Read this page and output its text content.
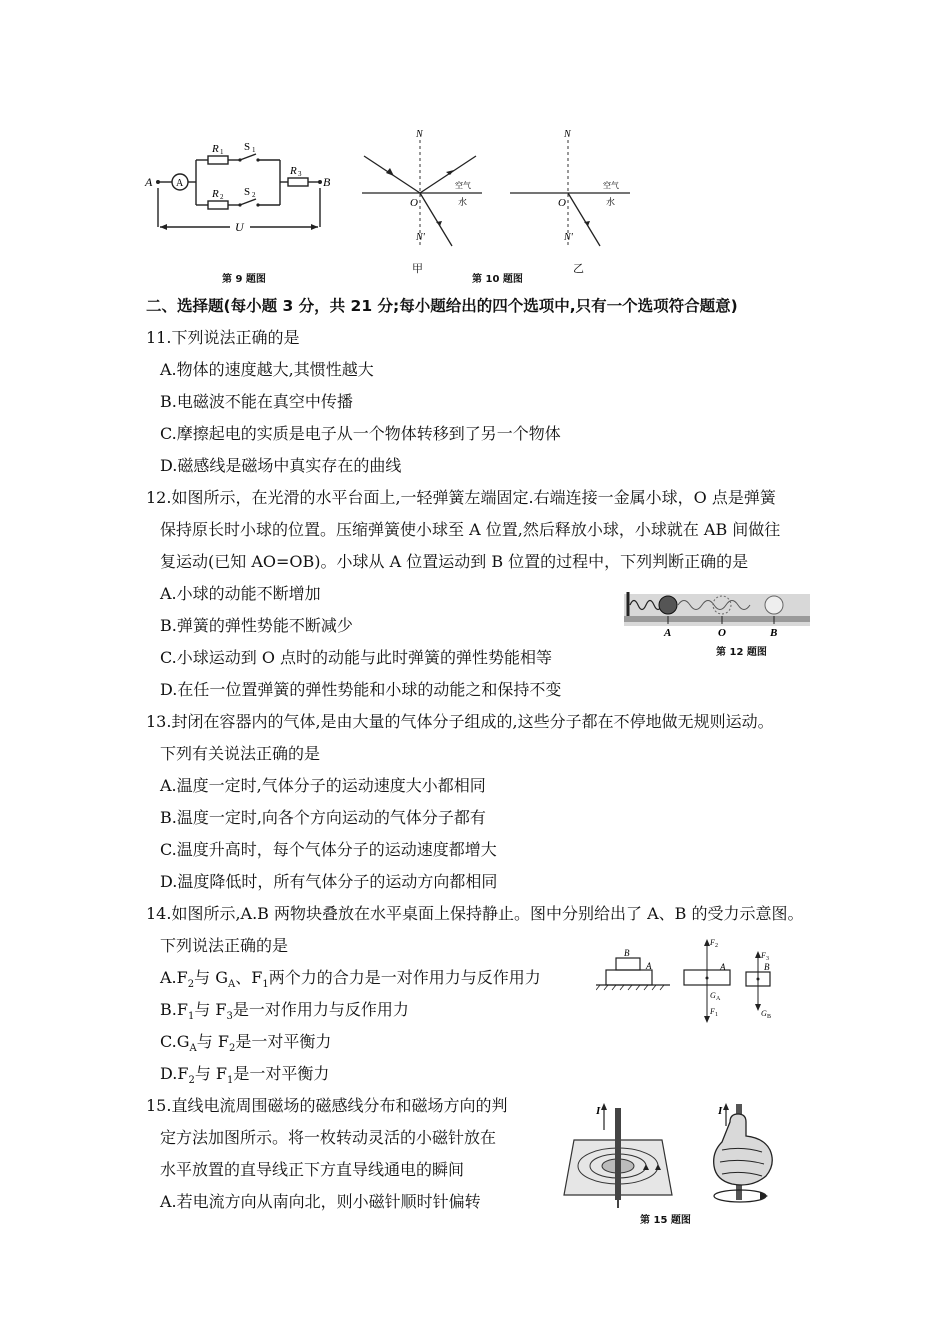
A A
R 1 S 1
R 2 S 2
R 3
B
U
第 9 题图
N
O
N'
空气
水
甲
第 10 题图
N
O
N'
空气
水
乙
二、选择题(每小题 3 分，共 21 分;每小题给出的四个选项中,只有一个选项符合题意)
11.下列说法正确的是
A.物体的速度越大,其惯性越大
B.电磁波不能在真空中传播
C.摩擦起电的实质是电子从一个物体转移到了另一个物体
D.磁感线是磁场中真实存在的曲线
12.如图所示，在光滑的水平台面上,一轻弹簧左端固定.右端连接一金属小球，O 点是弹簧
保持原长时小球的位置。压缩弹簧使小球至 A 位置,然后释放小球，小球就在 AB 间做往
复运动(已知 AO=OB)。小球从 A 位置运动到 B 位置的过程中，下列判断正确的是
A.小球的动能不断增加
B.弹簧的弹性势能不断减少
C.小球运动到 O 点时的动能与此时弹簧的弹性势能相等
D.在任一位置弹簧的弹性势能和小球的动能之和保持不变
A	O	B
第 12 题图
13.封闭在容器内的气体,是由大量的气体分子组成的,这些分子都在不停地做无规则运动。
下列有关说法正确的是
A.温度一定时,气体分子的运动速度大小都相同
B.温度一定时,向各个方向运动的气体分子都有
C.温度升高时，每个气体分子的运动速度都增大
D.温度降低时，所有气体分子的运动方向都相同
14.如图所示,A.B 两物块叠放在水平桌面上保持静止。图中分别给出了 A、B 的受力示意图。
下列说法正确的是
$A.F_2$与 $G_A$、$F_1$两个力的合力是一对作用力与反作用力
$B.F_1$与 $F_3$是一对作用力与反作用力
$C.G_A$与 $F_2$是一对平衡力
$D.F_2$与 $F_1$是一对平衡力
B
A
F 2
A
G A
F 1
F 3
B
G B
15.直线电流周围磁场的磁感线分布和磁场方向的判
定方法加图所示。将一枚转动灵活的小磁针放在
水平放置的直导线正下方直导线通电的瞬间
A.若电流方向从南向北，则小磁针顺时针偏转
I	I
第 15 题图
